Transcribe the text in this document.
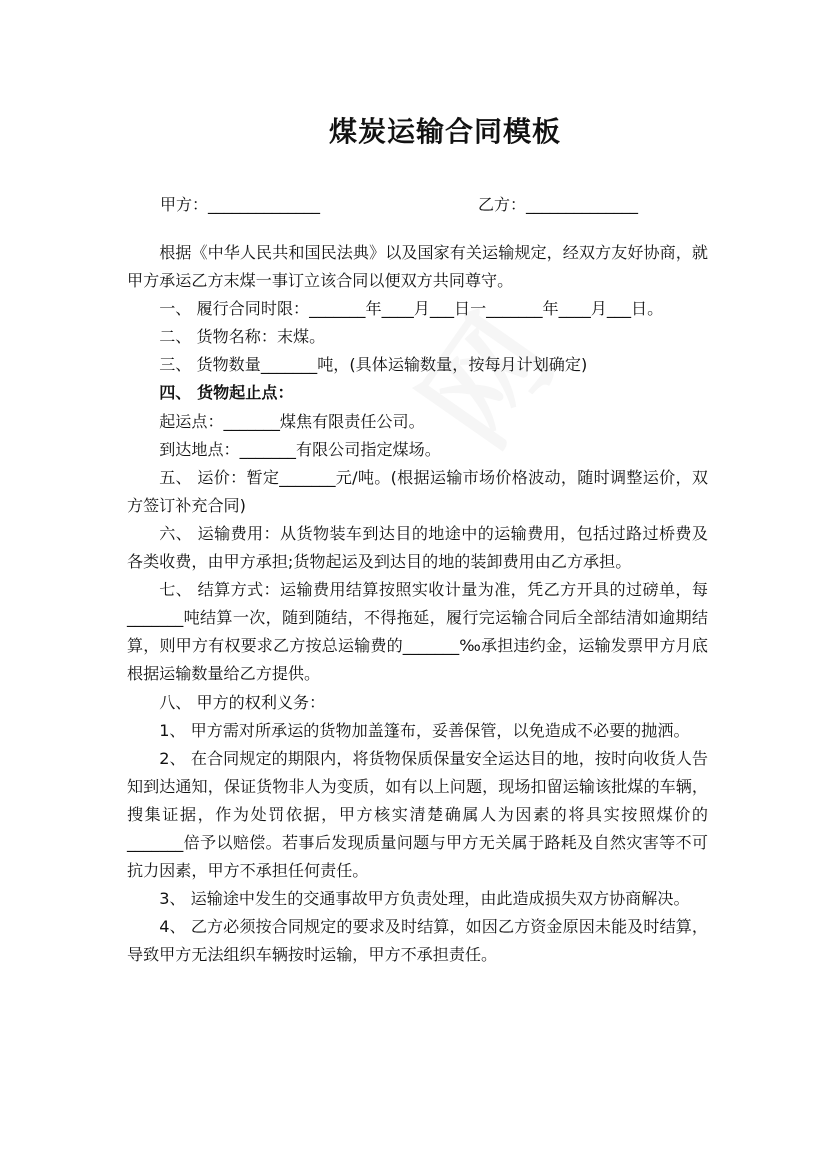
煤炭运输合同模板
甲方：______________	乙方：______________

根据《中华人民共和国民法典》以及国家有关运输规定，经双方友好协商，就甲方承运乙方末煤一事订立该合同以便双方共同尊守。

一、 履行合同时限：_______年____月___日一_______年____月___日。

二、 货物名称：末煤。

三、 货物数量_______吨，(具体运输数量，按每月计划确定)

四、 货物起止点：

起运点：_______煤焦有限责任公司。

到达地点：_______有限公司指定煤场。

五、 运价：暂定_______元/吨。(根据运输市场价格波动，随时调整运价，双方签订补充合同)

六、 运输费用：从货物装车到达目的地途中的运输费用，包括过路过桥费及各类收费，由甲方承担;货物起运及到达目的地的装卸费用由乙方承担。

七、 结算方式：运输费用结算按照实收计量为准，凭乙方开具的过磅单，每_______吨结算一次，随到随结，不得拖延，履行完运输合同后全部结清如逾期结算，则甲方有权要求乙方按总运输费的_______‰承担违约金，运输发票甲方月底根据运输数量给乙方提供。

八、 甲方的权利义务：

1、 甲方需对所承运的货物加盖篷布，妥善保管，以免造成不必要的抛洒。

2、 在合同规定的期限内，将货物保质保量安全运达目的地，按时向收货人告知到达通知，保证货物非人为变质，如有以上问题，现场扣留运输该批煤的车辆，搜集证据，作为处罚依据，甲方核实清楚确属人为因素的将具实按照煤价的_______倍予以赔偿。若事后发现质量问题与甲方无关属于路耗及自然灾害等不可抗力因素，甲方不承担任何责任。

3、 运输途中发生的交通事故甲方负责处理，由此造成损失双方协商解决。

4、 乙方必须按合同规定的要求及时结算，如因乙方资金原因未能及时结算，导致甲方无法组织车辆按时运输，甲方不承担责任。
